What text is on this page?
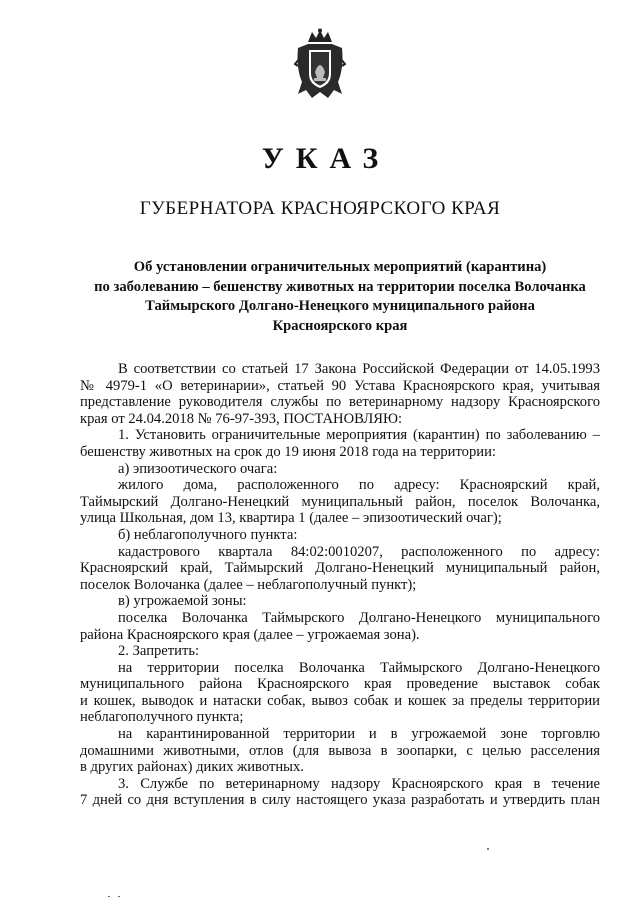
УКАЗ
ГУБЕРНАТОРА КРАСНОЯРСКОГО КРАЯ
Об установлении ограничительных мероприятий (карантина)
по заболеванию – бешенству животных на территории поселка Волочанка
Таймырского Долгано-Ненецкого муниципального района
Красноярского края
В соответствии со статьей 17 Закона Российской Федерации от 14.05.1993
№ 4979-1 «О ветеринарии», статьей 90 Устава Красноярского края, учитывая
представление руководителя службы по ветеринарному надзору Красноярского
края от 24.04.2018 № 76-97-393, ПОСТАНОВЛЯЮ:
1. Установить ограничительные мероприятия (карантин) по заболеванию –
бешенству животных на срок до 19 июня 2018 года на территории:
а) эпизоотического очага:
жилого дома, расположенного по адресу: Красноярский край,
Таймырский Долгано-Ненецкий муниципальный район, поселок Волочанка,
улица Школьная, дом 13, квартира 1 (далее – эпизоотический очаг);
б) неблагополучного пункта:
кадастрового квартала 84:02:0010207, расположенного по адресу:
Красноярский край, Таймырский Долгано-Ненецкий муниципальный район,
поселок Волочанка (далее – неблагополучный пункт);
в) угрожаемой зоны:
поселка Волочанка Таймырского Долгано-Ненецкого муниципального
района Красноярского края (далее – угрожаемая зона).
2. Запретить:
на территории поселка Волочанка Таймырского Долгано-Ненецкого
муниципального района Красноярского края проведение выставок собак
и кошек, выводок и натаски собак, вывоз собак и кошек за пределы территории
неблагополучного пункта;
на карантинированной территории и в угрожаемой зоне торговлю
домашними животными, отлов (для вывоза в зоопарки, с целью расселения
в других районах) диких животных.
3. Службе по ветеринарному надзору Красноярского края в течение
7 дней со дня вступления в силу настоящего указа разработать и утвердить план
